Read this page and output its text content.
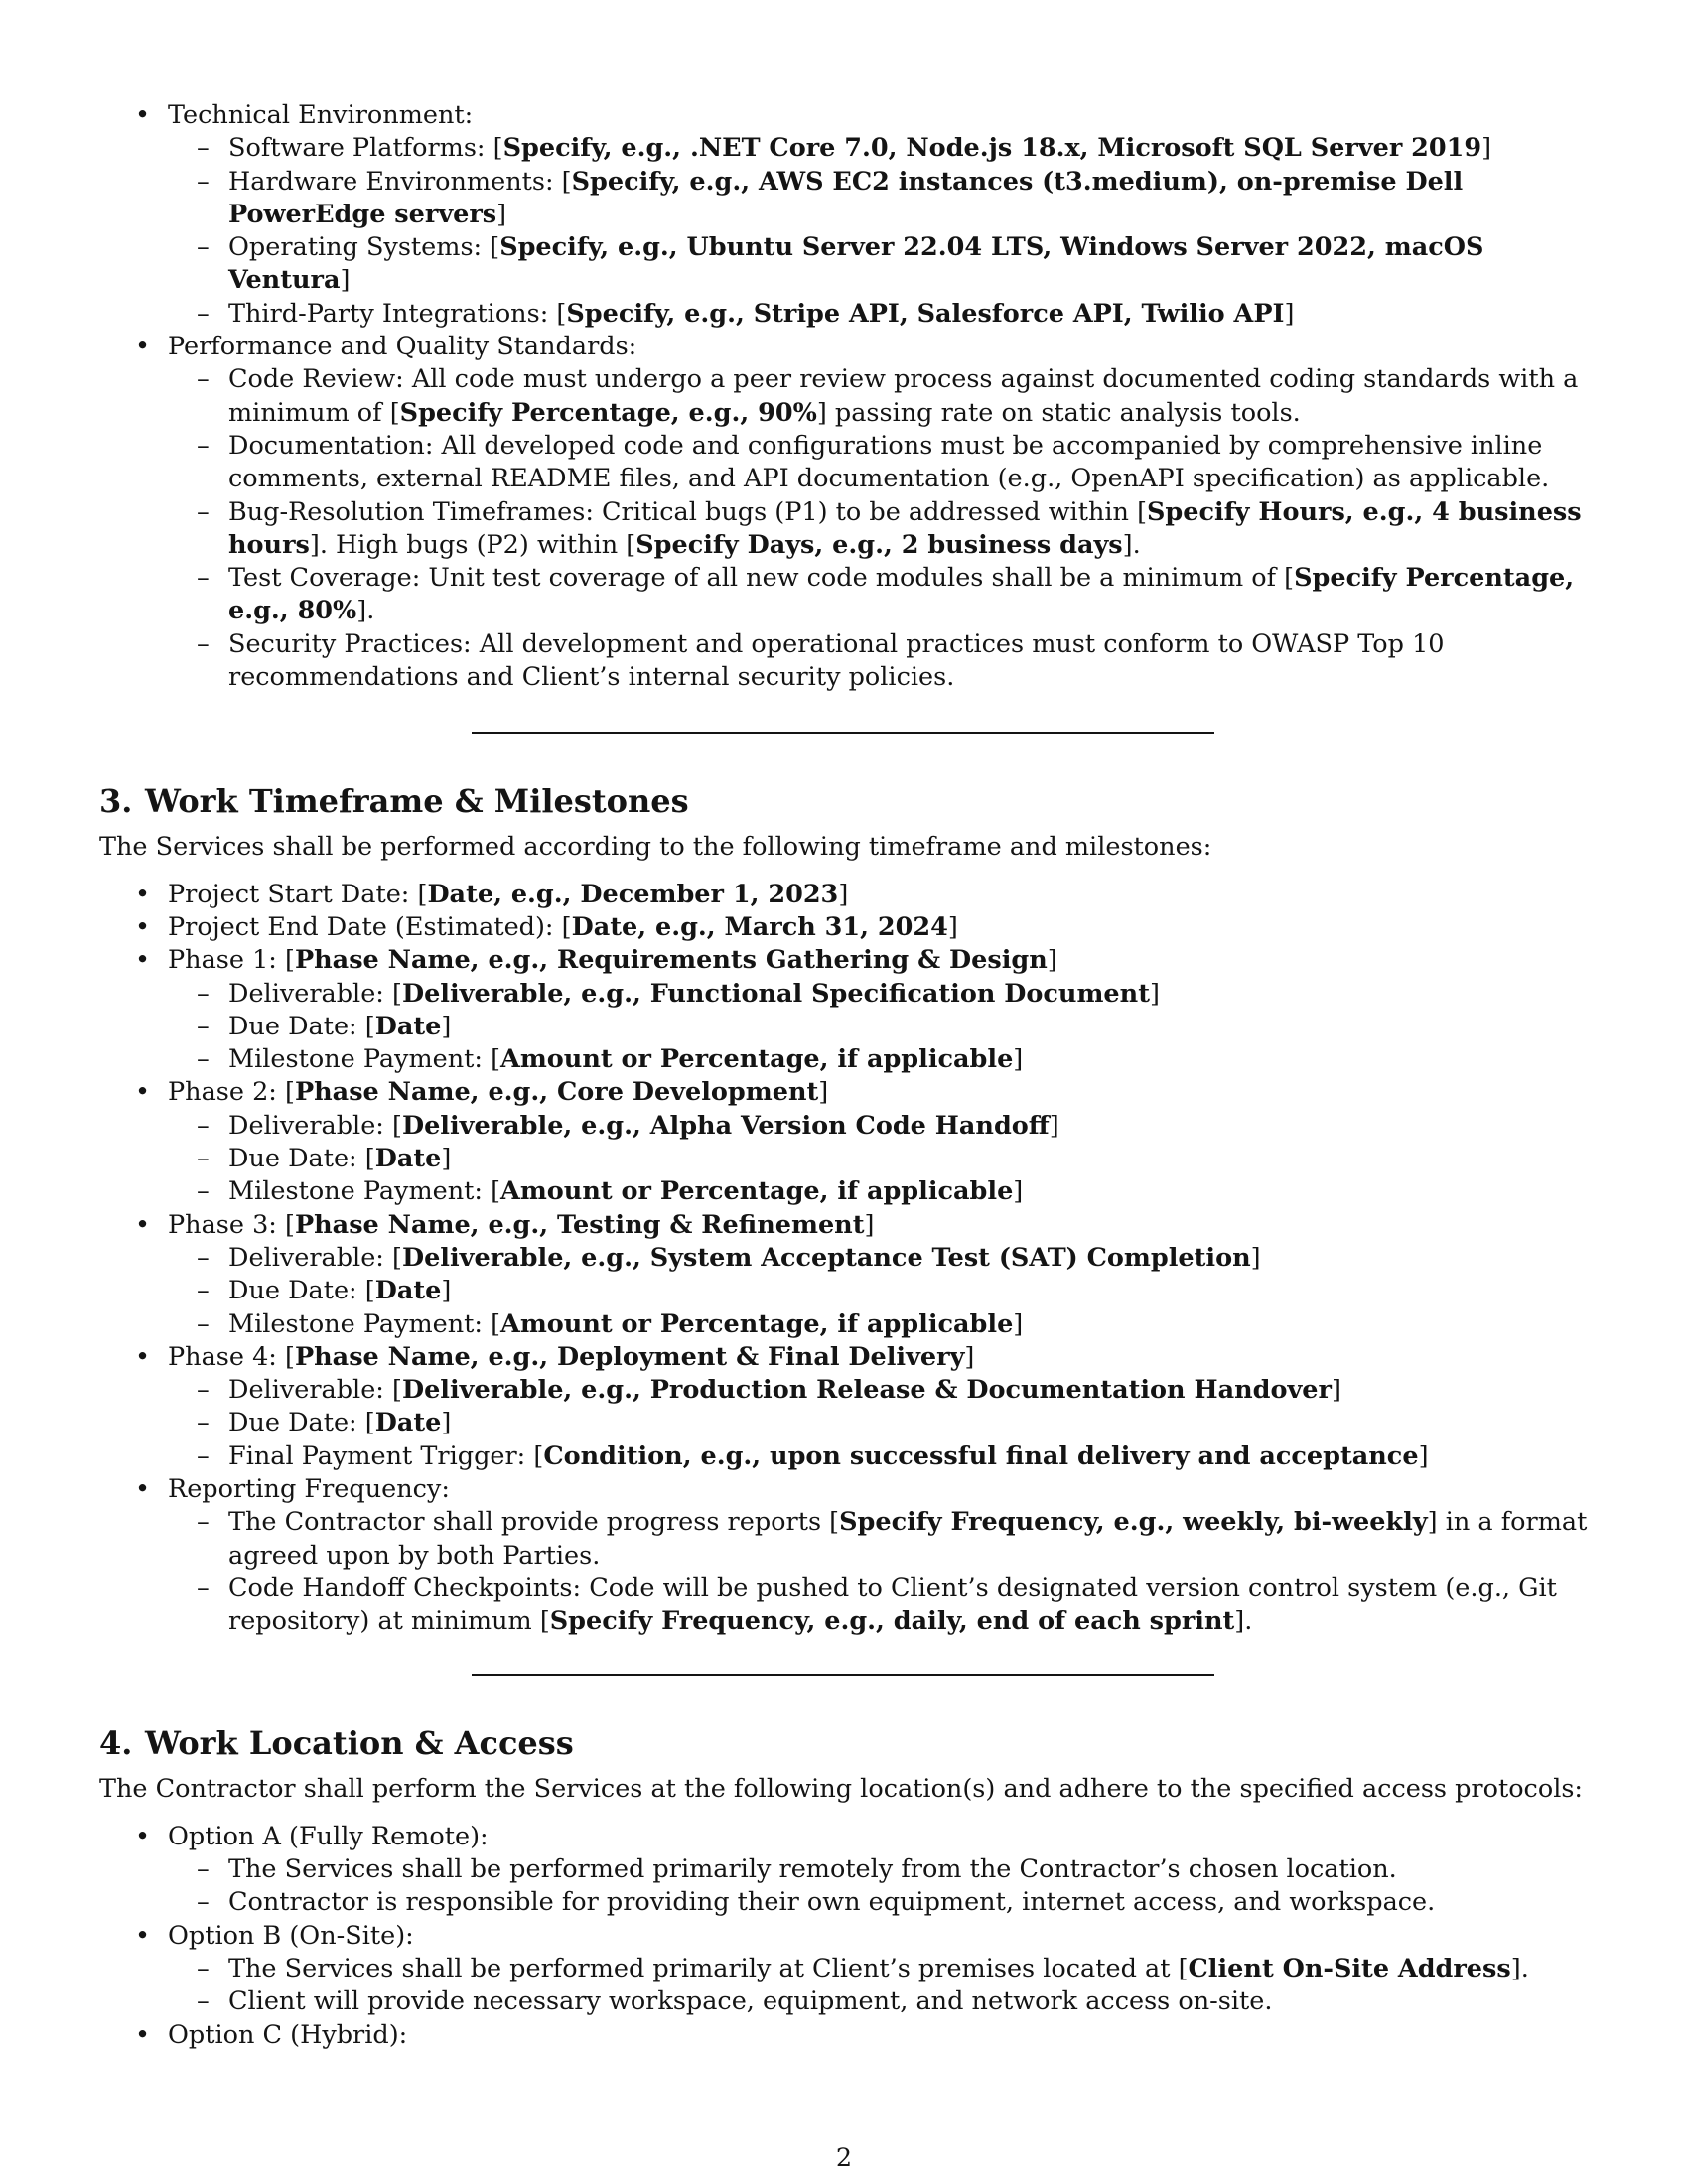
• Technical Environment:
– Software Platforms: [Specify, e.g., .NET Core 7.0, Node.js 18.x, Microsoft SQL Server 2019]
– Hardware Environments: [Specify, e.g., AWS EC2 instances (t3.medium), on-premise Dell PowerEdge servers]
– Operating Systems: [Specify, e.g., Ubuntu Server 22.04 LTS, Windows Server 2022, macOS Ventura]
– Third-Party Integrations: [Specify, e.g., Stripe API, Salesforce API, Twilio API]
• Performance and Quality Standards:
– Code Review: All code must undergo a peer review process against documented coding standards with a minimum of [Specify Percentage, e.g., 90%] passing rate on static analysis tools.
– Documentation: All developed code and configurations must be accompanied by comprehensive inline comments, external README files, and API documentation (e.g., OpenAPI specification) as applicable.
– Bug-Resolution Timeframes: Critical bugs (P1) to be addressed within [Specify Hours, e.g., 4 business hours]. High bugs (P2) within [Specify Days, e.g., 2 business days].
– Test Coverage: Unit test coverage of all new code modules shall be a minimum of [Specify Percentage, e.g., 80%].
– Security Practices: All development and operational practices must conform to OWASP Top 10 recommendations and Client’s internal security policies.
3. Work Timeframe & Milestones

The Services shall be performed according to the following timeframe and milestones:

• Project Start Date: [Date, e.g., December 1, 2023]
• Project End Date (Estimated): [Date, e.g., March 31, 2024]
• Phase 1: [Phase Name, e.g., Requirements Gathering & Design]
– Deliverable: [Deliverable, e.g., Functional Specification Document]
– Due Date: [Date]
– Milestone Payment: [Amount or Percentage, if applicable]
• Phase 2: [Phase Name, e.g., Core Development]
– Deliverable: [Deliverable, e.g., Alpha Version Code Handoff]
– Due Date: [Date]
– Milestone Payment: [Amount or Percentage, if applicable]
• Phase 3: [Phase Name, e.g., Testing & Refinement]
– Deliverable: [Deliverable, e.g., System Acceptance Test (SAT) Completion]
– Due Date: [Date]
– Milestone Payment: [Amount or Percentage, if applicable]
• Phase 4: [Phase Name, e.g., Deployment & Final Delivery]
– Deliverable: [Deliverable, e.g., Production Release & Documentation Handover]
– Due Date: [Date]
– Final Payment Trigger: [Condition, e.g., upon successful final delivery and acceptance]
• Reporting Frequency:
– The Contractor shall provide progress reports [Specify Frequency, e.g., weekly, bi-weekly] in a format agreed upon by both Parties.
– Code Handoff Checkpoints: Code will be pushed to Client’s designated version control system (e.g., Git repository) at minimum [Specify Frequency, e.g., daily, end of each sprint].
4. Work Location & Access

The Contractor shall perform the Services at the following location(s) and adhere to the specified access protocols:

• Option A (Fully Remote):
– The Services shall be performed primarily remotely from the Contractor’s chosen location.
– Contractor is responsible for providing their own equipment, internet access, and workspace.
• Option B (On-Site):
– The Services shall be performed primarily at Client’s premises located at [Client On-Site Address].
– Client will provide necessary workspace, equipment, and network access on-site.
• Option C (Hybrid):
2
